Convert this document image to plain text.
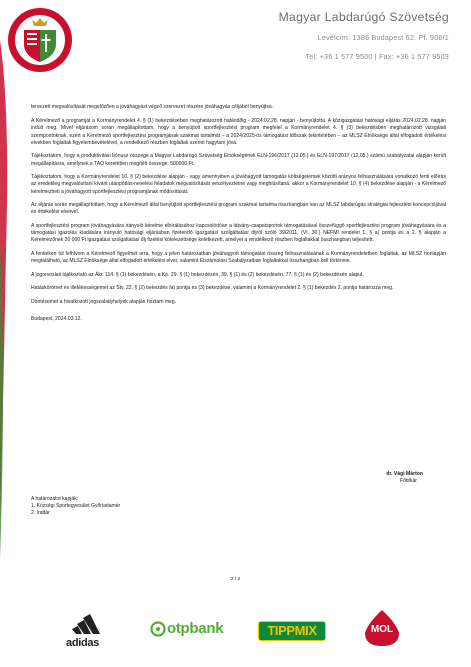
Magyar Labdarúgó Szövetség
Levélcím: 1386 Budapest 62. Pf. 906/1
Tel: +36 1 577 9500 | Fax: +36 1 577 9503

tervezett megvalósítását megelőzően a jóváhagyást végző szervezet részére jóváhagyás céljából benyújtsa.

A Kérelmező a programját a Kormányrendelet 4. § (1) bekezdésében meghatározott határidőig - 2024.02.28. napján - benyújtotta. A közigazgatási hatósági eljárás 2024.02.28. napján indult meg. Mivel eljárásom során megállapítottam, hogy a benyújtott sportfejlesztési program megfelel a Kormányrendelet 4. § (3) bekezdésben meghatározott vizsgálati szempontoknak, ezért a Kérelmező sportfejlesztési programjának szakmai tartalmát – a 2024/2025-ös támogatási időszak tekintetében – az MLSZ Elnöksége által elfogadott értékelési elvekben foglaltak figyelembevételével, a rendelkező részben foglaltak szerint hagytam jóvá.

Tájékoztatom, hogy a produktivitási bónusz összege a Magyar Labdarúgó Szövetség Elnökségének ELN-196/2017 (12.05.) és ELN-197/2017 (12.05.) számú szabályzatai alapján került megállapításra, amelynek a TAO keretében megítélt összege: 500000 Ft.

Tájékoztatom, hogy a Kormányrendelet 10. § (2) bekezdése alapján - vagy amennyiben a jóváhagyott támogatás költségelemek közötti arányos felhasználására vonatkozó fenti előírás az eredetileg megvalósítani kívánt utánpótlás-nevelési feladatok megvalósítását veszélyeztetné vagy meghiúsítaná, akkor a Kormányrendelet 10. § (4) bekezdése alapján - a Kérelmező kérelmezheti a jóváhagyott sportfejlesztési programjának módosítását.

Az eljárás során megállapítottam, hogy a Kérelmező által benyújtott sportfejlesztési program szakmai tartalma összhangban van az MLSZ labdarúgás stratégiai fejlesztési koncepciójával és értékelési elveivel.

A sportfejlesztési program jóváhagyására irányuló kérelme elbírálásához kapcsolódóan a látvány-csapatsportok támogatásával összefüggő sportfejlesztési program jóváhagyására és a támogatási igazolás kiadására irányuló hatósági eljárásban fizetendő igazgatási szolgáltatási díjról szóló 39/2011. (VI. 30.) NEFMI rendelet 1. § a) pontja és a 2. § alapján a Kérelmezőnek 20 000 Ft igazgatási szolgáltatási díj fizetési kötelezettsége keletkezett, amelyet a rendelkező részben foglaltakkal összhangban teljesített.

A fentieken túl felhívom a Kérelmező figyelmét arra, hogy a jelen határozatban jóváhagyott támogatási összeg felhasználásának a Kormányrendeletben foglaltak, az MLSZ honlapján megtalálható, az MLSZ Elnöksége által elfogadott értékelési elvei, valamint Elszámolási Szabályzatban foglaltakkal összhangban kell történnie.

A jogorvoslati tájékoztató az Ákr. 114. § (1) bekezdésén, a Kp. 29. § (1) bekezdésén, 39. § (1) és (2) bekezdésén, 77. § (1) és (2) bekezdésén alapul.

Hatáskörömet és illetékességemet az Stv. 22. § (2) bekezdés fa) pontja és (3) bekezdése, valamint a Kormányrendelet 2. § (1) bekezdés 2. pontja határozza meg.

Döntésemet a hivatkozott jogszabályhelyek alapján hoztam meg.

Budapest, 2024.03.12.

dr. Vági Márton
Főtitkár
A határozatot kapják:
1. Községi Sportegyesület Győrladamér
2. Irattár
2 / 2
adidas
otpbank	TIPPMIX	MOL
